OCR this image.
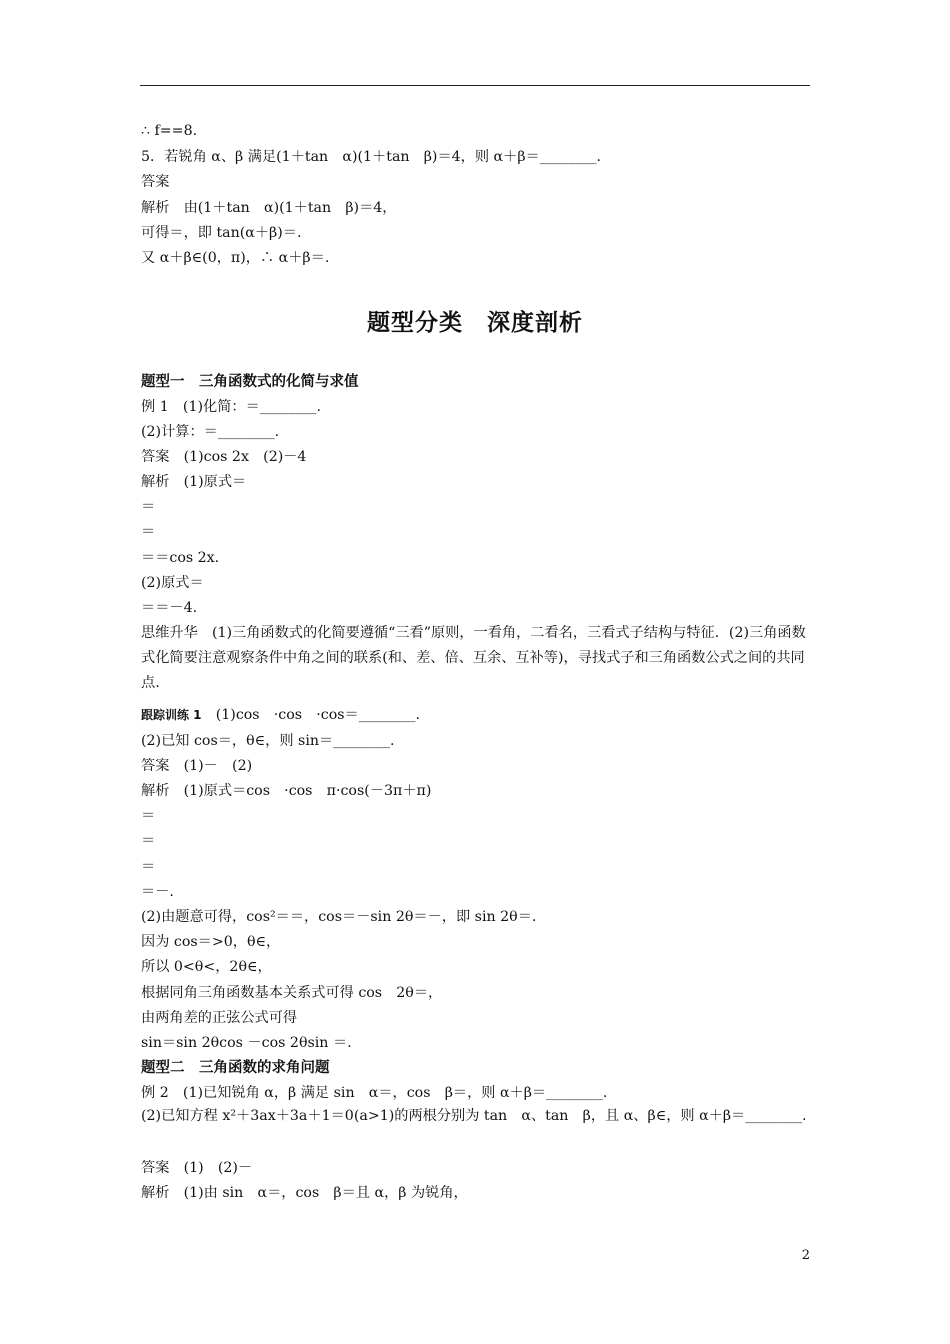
∴ f==8.
5．若锐角 α、β 满足(1＋tan　α)(1＋tan　β)＝4，则 α＋β＝________.
答案
解析　由(1＋tan　α)(1＋tan　β)＝4，
可得＝，即 tan(α＋β)＝.
又 α＋β∈(0，π)，∴ α＋β＝.
题型分类　深度剖析
题型一　三角函数式的化简与求值
例 1　(1)化简：＝________.
(2)计算：＝________.
答案　(1)cos 2x　(2)－4
解析　(1)原式＝
＝
＝
＝＝cos 2x.
(2)原式＝
＝＝－4.
思维升华　(1)三角函数式的化简要遵循“三看”原则，一看角，二看名，三看式子结构与特征．(2)三角函数式化简要注意观察条件中角之间的联系(和、差、倍、互余、互补等)，寻找式子和三角函数公式之间的共同点.
跟踪训练 1　(1)cos　·cos　·cos＝________.
(2)已知 cos＝，θ∈，则 sin＝________.
答案　(1)－　(2)
解析　(1)原式＝cos　·cos　π·cos(－3π＋π)
＝
＝
＝
＝－.
(2)由题意可得，cos²＝＝，cos＝－sin 2θ＝－，即 sin 2θ＝.
因为 cos＝>0，θ∈，
所以 0<θ<，2θ∈，
根据同角三角函数基本关系式可得 cos　2θ＝，
由两角差的正弦公式可得
sin＝sin 2θcos －cos 2θsin ＝.
题型二　三角函数的求角问题
例 2　(1)已知锐角 α，β 满足 sin　α＝，cos　β＝，则 α＋β＝________.
(2)已知方程 x²＋3ax＋3a＋1＝0(a>1)的两根分别为 tan　α、tan　β，且 α、β∈，则 α＋β＝________.
答案　(1)　(2)－
解析　(1)由 sin　α＝，cos　β＝且 α，β 为锐角，
2
